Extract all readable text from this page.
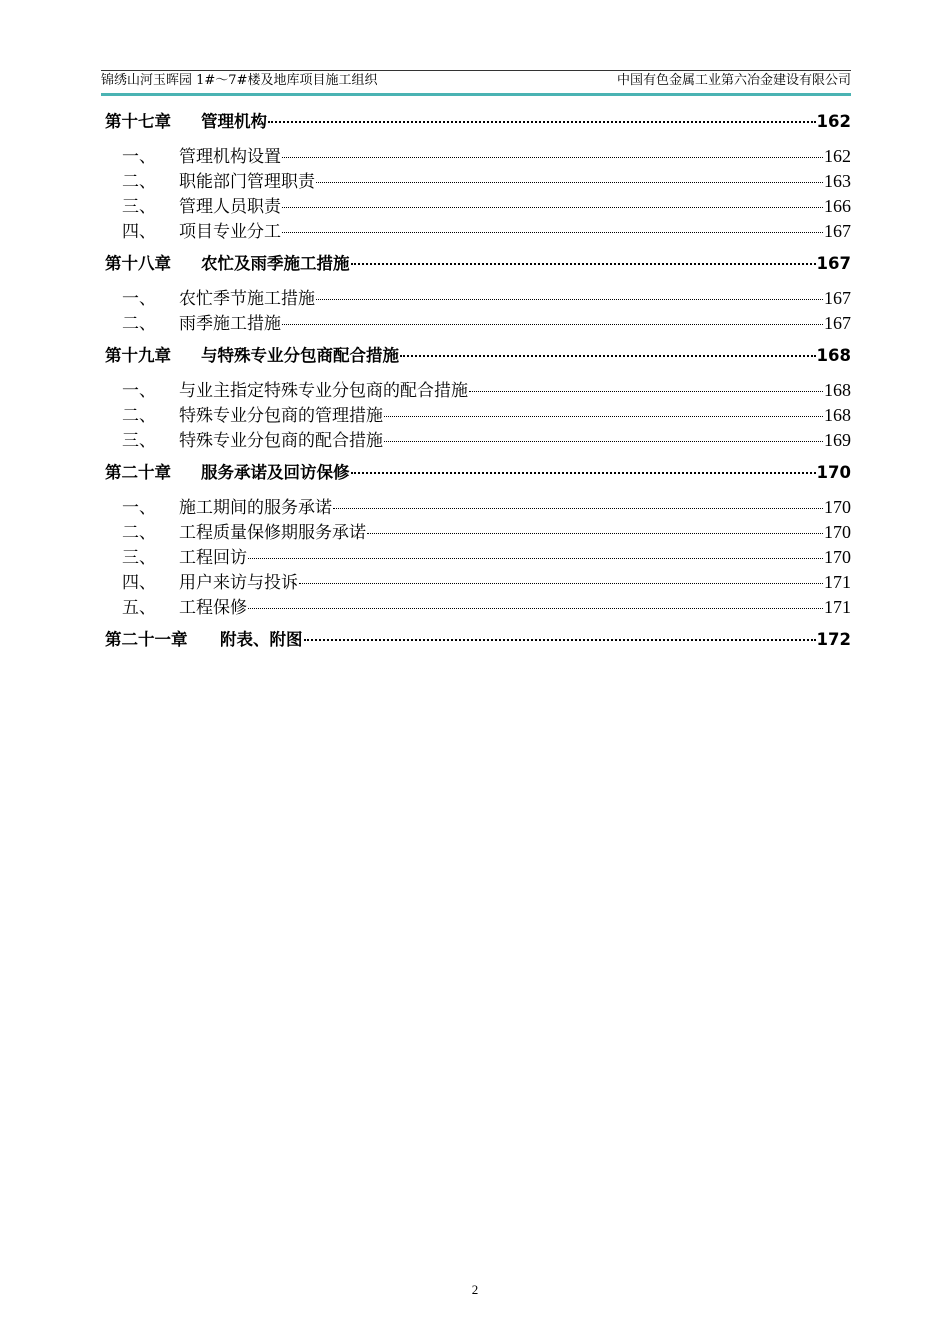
锦绣山河玉晖园 1#～7#楼及地库项目施工组织	中国有色金属工业第六冶金建设有限公司
第十七章	管理机构	162
一、	管理机构设置	162
二、	职能部门管理职责	163
三、	管理人员职责	166
四、	项目专业分工	167
第十八章	农忙及雨季施工措施	167
一、	农忙季节施工措施	167
二、	雨季施工措施	167
第十九章	与特殊专业分包商配合措施	168
一、	与业主指定特殊专业分包商的配合措施	168
二、	特殊专业分包商的管理措施	168
三、	特殊专业分包商的配合措施	169
第二十章	服务承诺及回访保修	170
一、	施工期间的服务承诺	170
二、	工程质量保修期服务承诺	170
三、	工程回访	170
四、	用户来访与投诉	171
五、	工程保修	171
第二十一章	附表、附图	172
2
